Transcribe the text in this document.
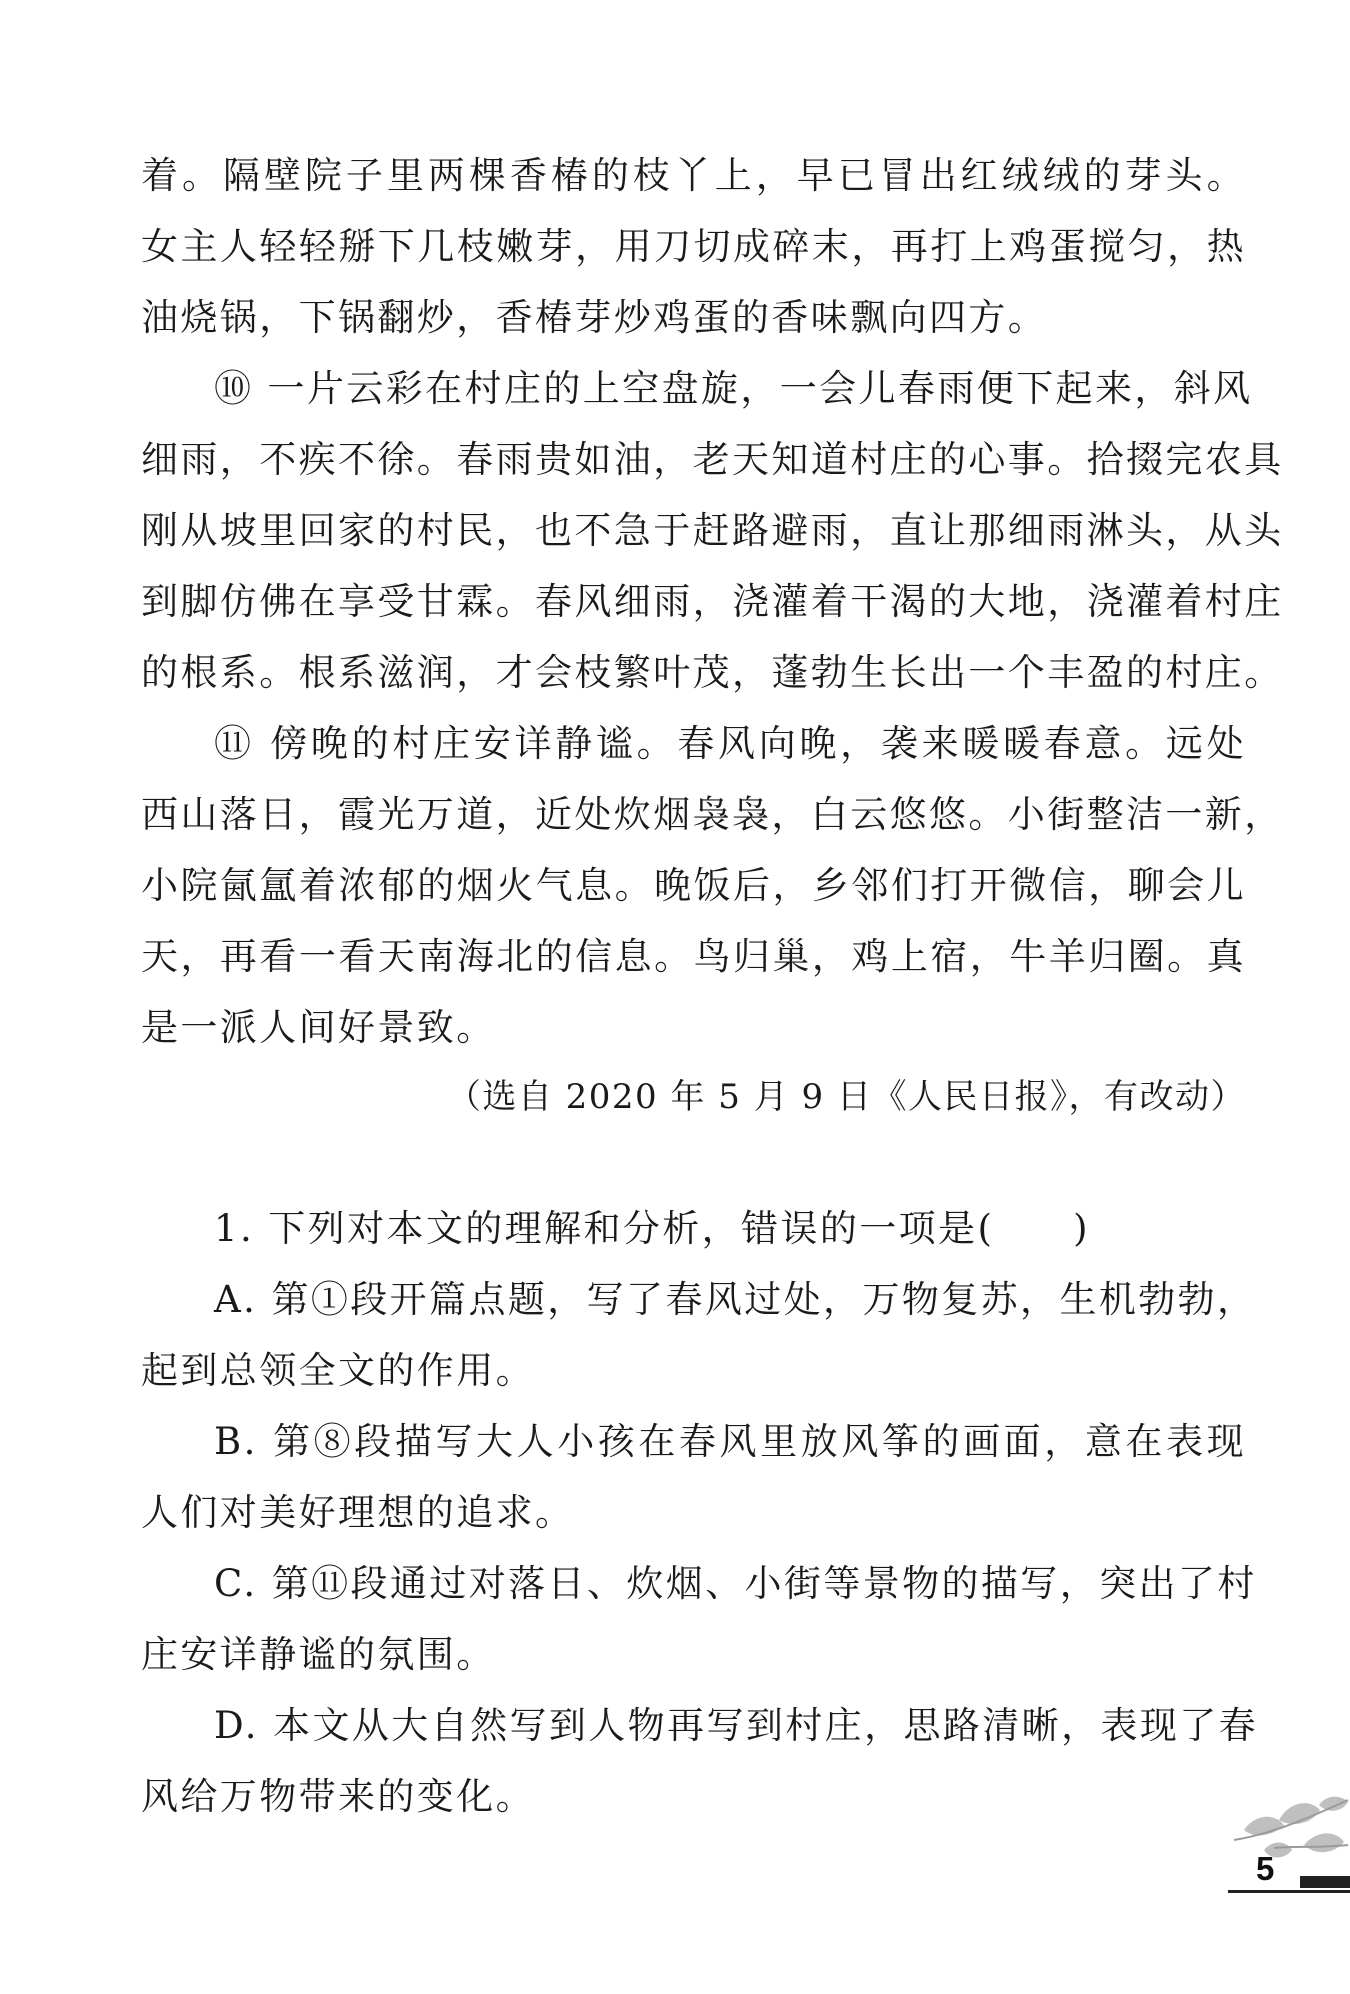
着。隔壁院子里两棵香椿的枝丫上，早已冒出红绒绒的芽头。
女主人轻轻掰下几枝嫩芽，用刀切成碎末，再打上鸡蛋搅匀，热
油烧锅，下锅翻炒，香椿芽炒鸡蛋的香味飘向四方。
⑩ 一片云彩在村庄的上空盘旋，一会儿春雨便下起来，斜风
细雨，不疾不徐。春雨贵如油，老天知道村庄的心事。拾掇完农具
刚从坡里回家的村民，也不急于赶路避雨，直让那细雨淋头，从头
到脚仿佛在享受甘霖。春风细雨，浇灌着干渴的大地，浇灌着村庄
的根系。根系滋润，才会枝繁叶茂，蓬勃生长出一个丰盈的村庄。
⑪ 傍晚的村庄安详静谧。春风向晚，袭来暖暖春意。远处
西山落日，霞光万道，近处炊烟袅袅，白云悠悠。小街整洁一新，
小院氤氲着浓郁的烟火气息。晚饭后，乡邻们打开微信，聊会儿
天，再看一看天南海北的信息。鸟归巢，鸡上宿，牛羊归圈。真
是一派人间好景致。
（选自 2020 年 5 月 9 日《人民日报》，有改动）
1. 下列对本文的理解和分析，错误的一项是(　　)
A. 第①段开篇点题，写了春风过处，万物复苏，生机勃勃，
起到总领全文的作用。
B. 第⑧段描写大人小孩在春风里放风筝的画面，意在表现
人们对美好理想的追求。
C. 第⑪段通过对落日、炊烟、小街等景物的描写，突出了村
庄安详静谧的氛围。
D. 本文从大自然写到人物再写到村庄，思路清晰，表现了春
风给万物带来的变化。
5
